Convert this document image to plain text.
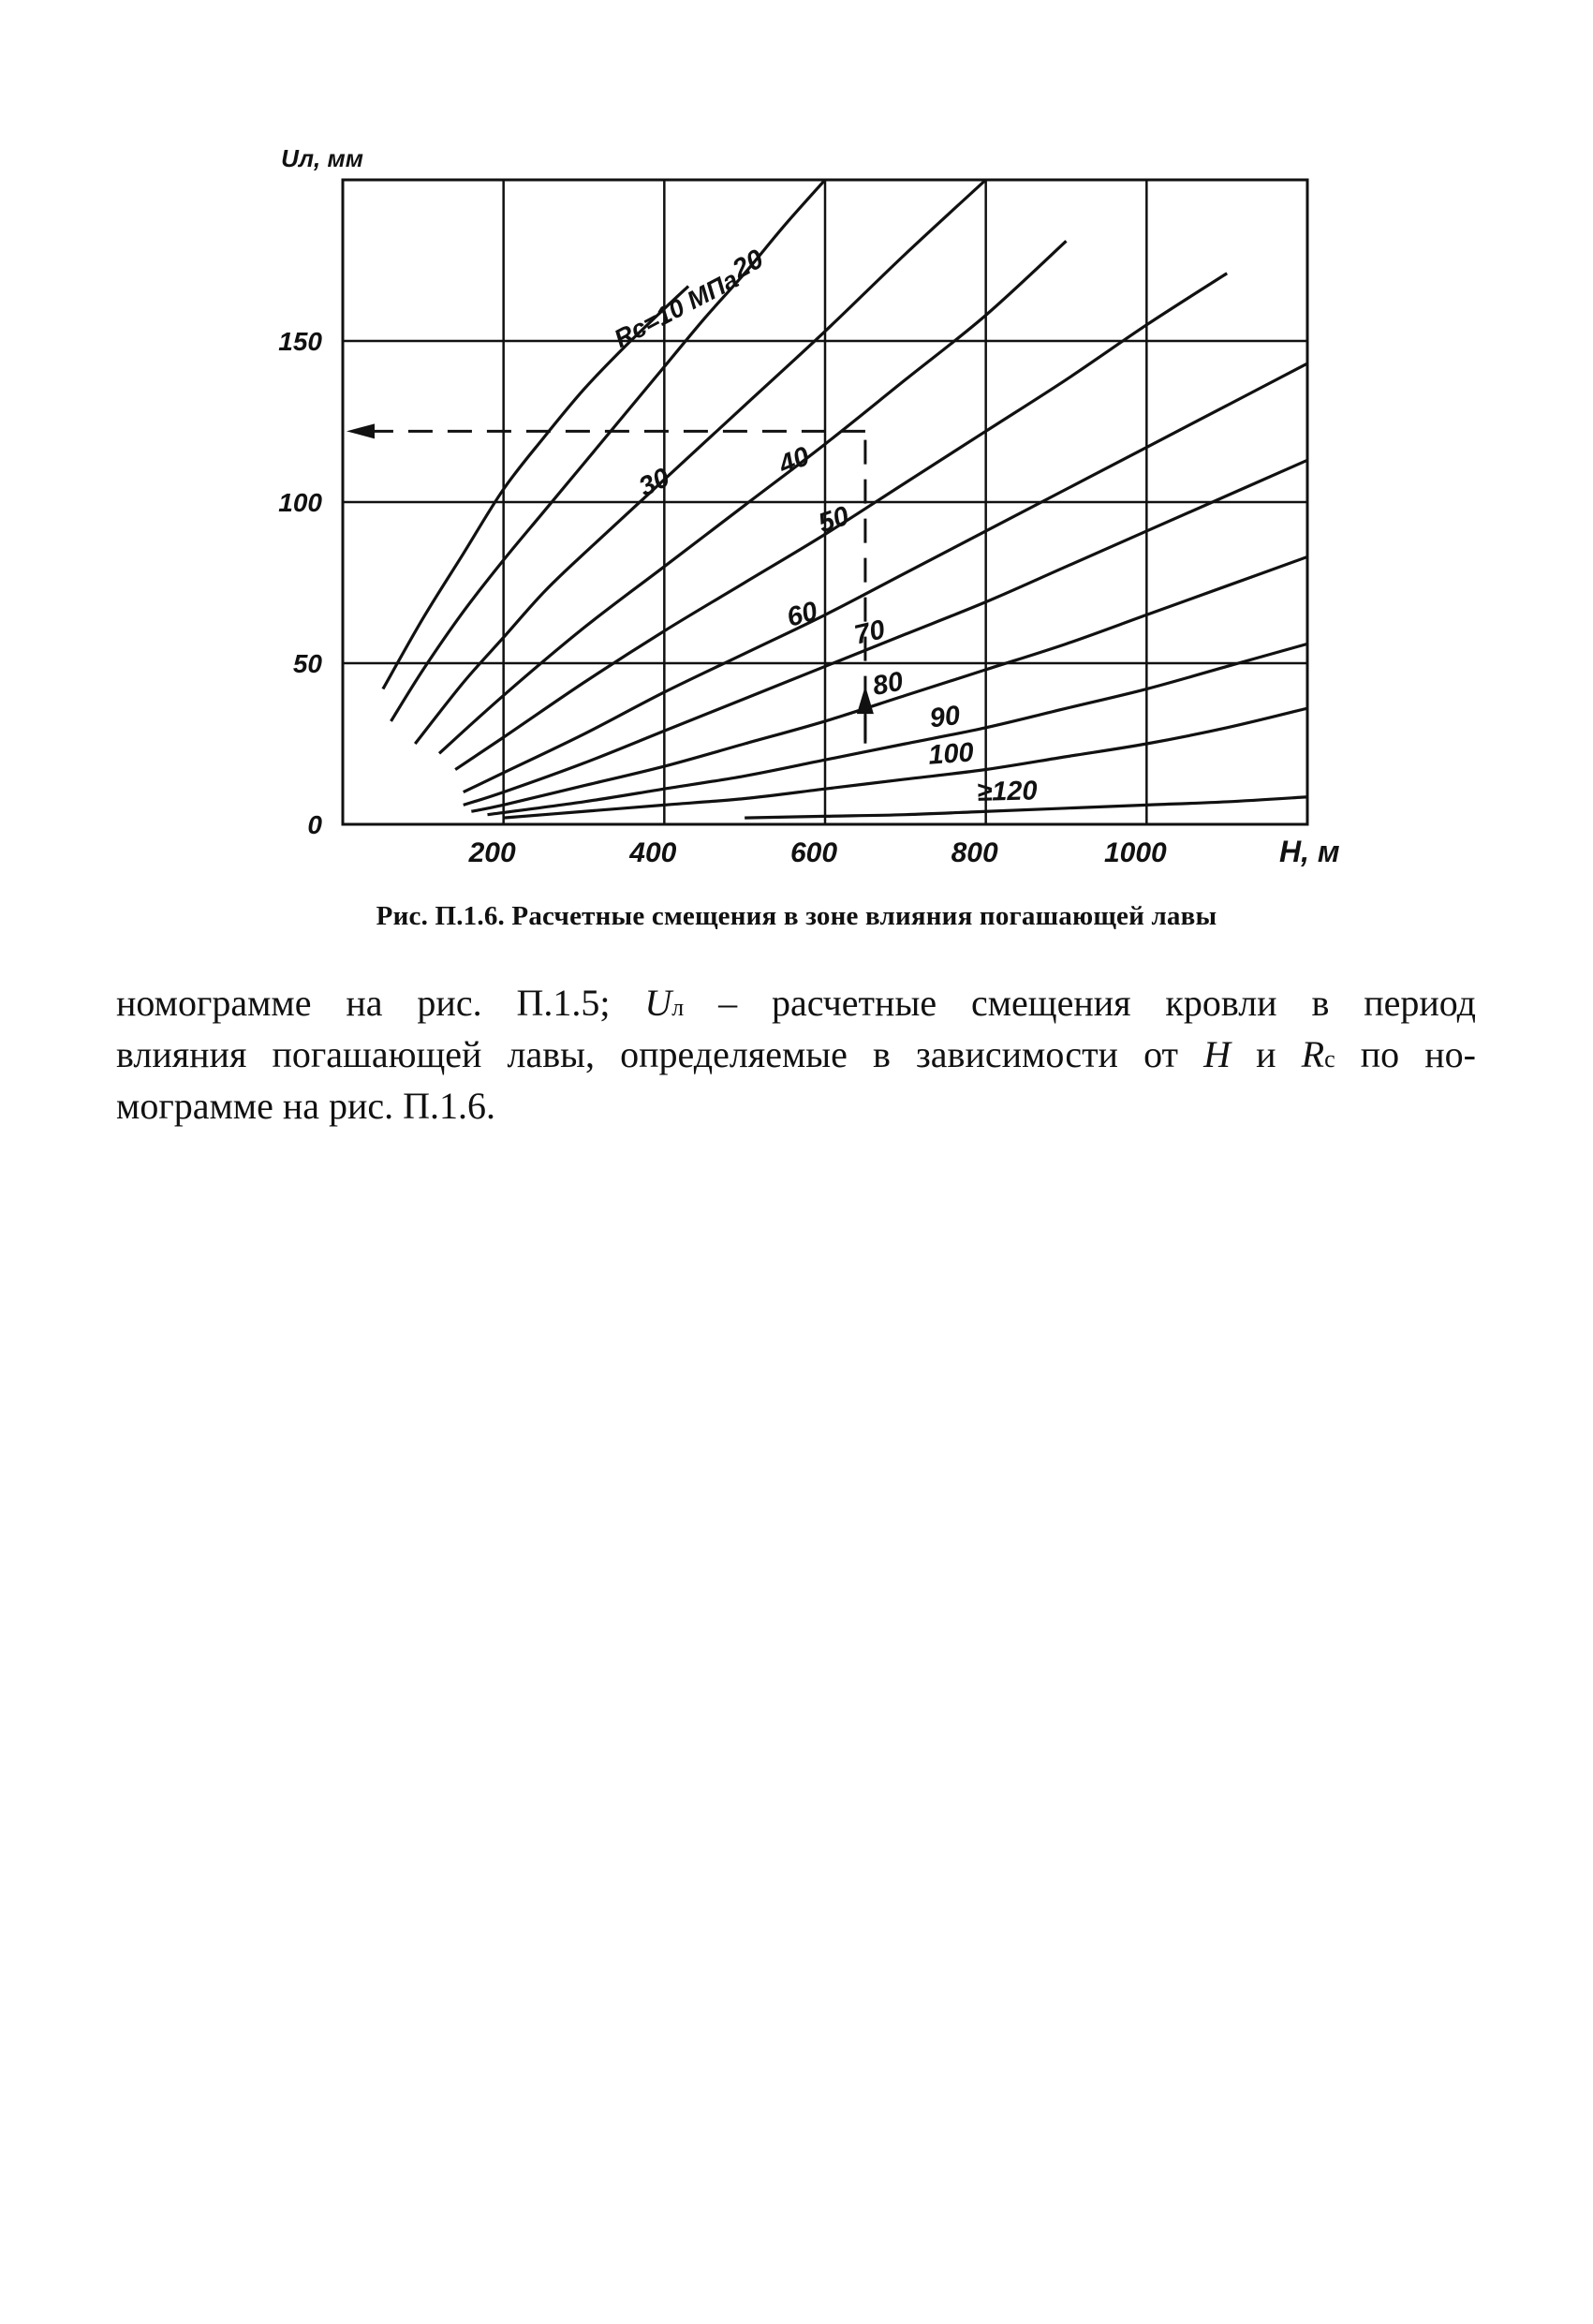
200	400	600	800	1000
0
50
100
150
H, м
Uл, мм
Rc=10 МПа
20
30
40
50
60 70
80
90
100
≥120
Рис. П.1.6. Расчетные смещения в зоне влияния погашающей лавы
номограмме на рис. П.1.5; Uл – расчетные смещения кровли в период
влияния погашающей лавы, определяемые в зависимости от H и Rc по но-
мограмме на рис. П.1.6.
